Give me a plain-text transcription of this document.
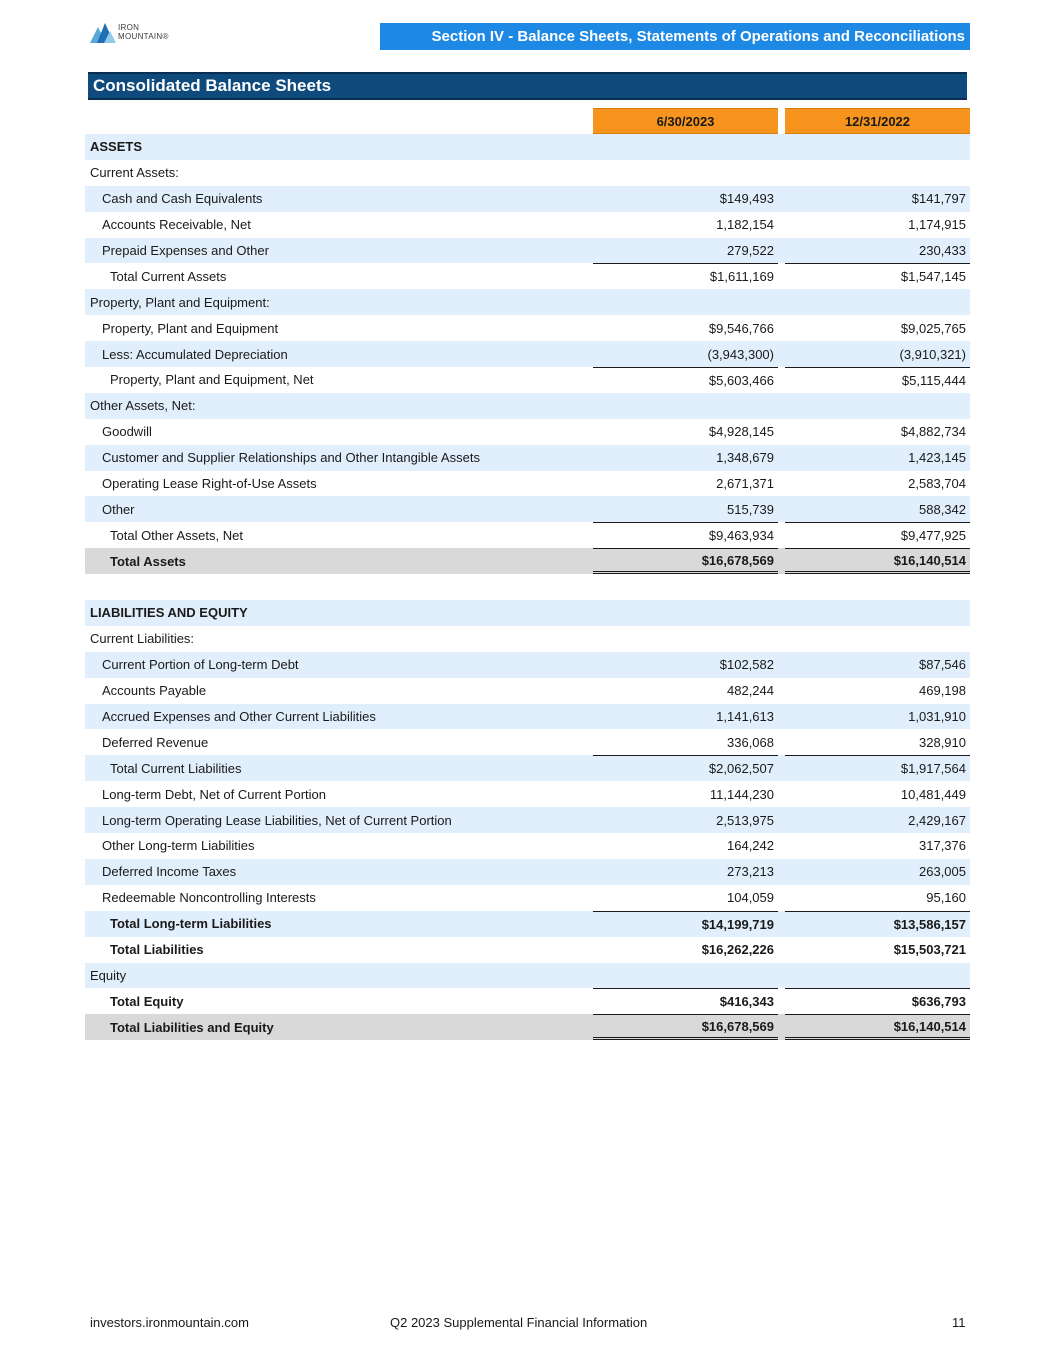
IRON
MOUNTAIN®	Section IV - Balance Sheets, Statements of Operations and Reconciliations
Consolidated Balance Sheets
6/30/2023	12/31/2022
ASSETS
Current Assets:
Cash and Cash Equivalents	$149,493	$141,797
Accounts Receivable, Net	1,182,154	1,174,915
Prepaid Expenses and Other	279,522	230,433
Total Current Assets	$1,611,169	$1,547,145
Property, Plant and Equipment:
Property, Plant and Equipment	$9,546,766	$9,025,765
Less: Accumulated Depreciation	(3,943,300)	(3,910,321)
Property, Plant and Equipment, Net	$5,603,466	$5,115,444
Other Assets, Net:
Goodwill	$4,928,145	$4,882,734
Customer and Supplier Relationships and Other Intangible Assets	1,348,679	1,423,145
Operating Lease Right-of-Use Assets	2,671,371	2,583,704
Other	515,739	588,342
Total Other Assets, Net	$9,463,934	$9,477,925
Total Assets	$16,678,569	$16,140,514
LIABILITIES AND EQUITY
Current Liabilities:
Current Portion of Long-term Debt	$102,582	$87,546
Accounts Payable	482,244	469,198
Accrued Expenses and Other Current Liabilities	1,141,613	1,031,910
Deferred Revenue	336,068	328,910
Total Current Liabilities	$2,062,507	$1,917,564
Long-term Debt, Net of Current Portion	11,144,230	10,481,449
Long-term Operating Lease Liabilities, Net of Current Portion	2,513,975	2,429,167
Other Long-term Liabilities	164,242	317,376
Deferred Income Taxes	273,213	263,005
Redeemable Noncontrolling Interests	104,059	95,160
Total Long-term Liabilities	$14,199,719	$13,586,157
Total Liabilities	$16,262,226	$15,503,721
Equity
Total Equity	$416,343	$636,793
Total Liabilities and Equity	$16,678,569	$16,140,514
investors.ironmountain.com	Q2 2023 Supplemental Financial Information	11
